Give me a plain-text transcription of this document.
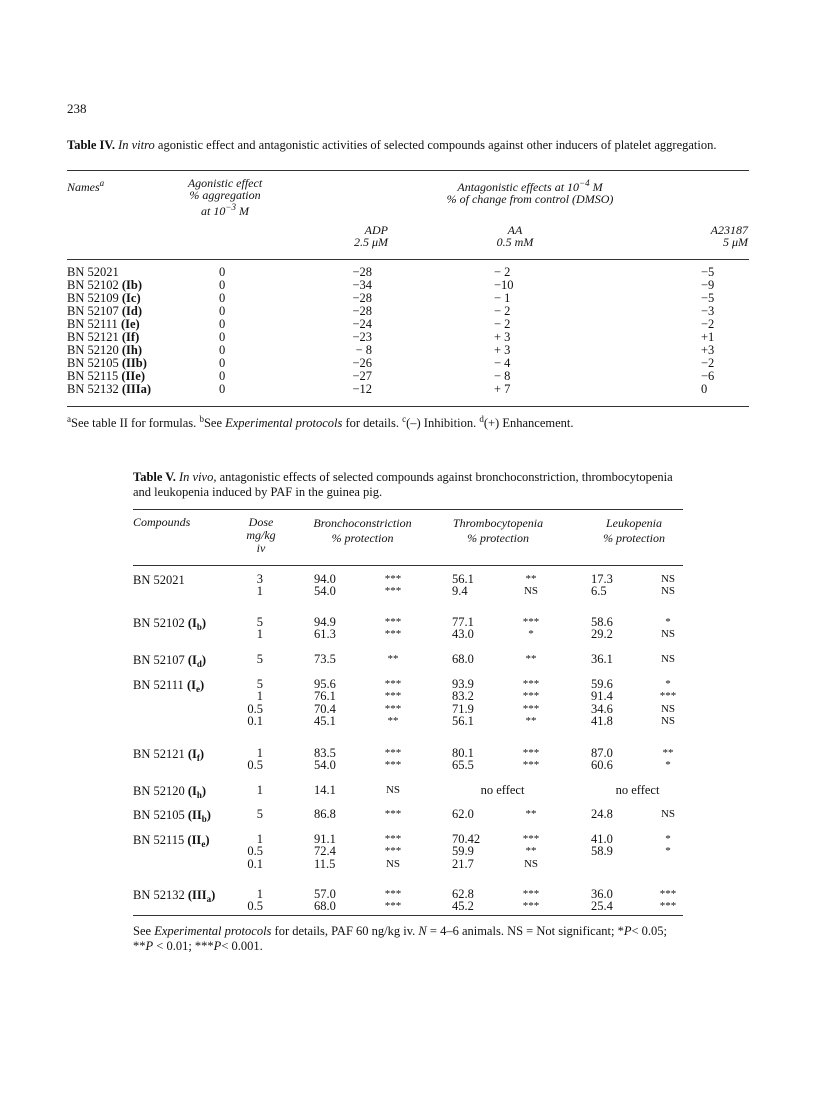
238
Table IV. In vitro agonistic effect and antagonistic activities of selected compounds against other inducers of platelet aggregation.
Names$^a$	Agonistic effect
% aggregation
at $10^{-3}$ M
Antagonistic effects at $10^{-4}$ M
% of change from control (DMSO)
ADP
2.5 μM
AA
0.5 mM
A23187
5 μM
BN 52021	0	−28	− 2	−5
BN 52102 (Ib)	0	−34	−10	−9
BN 52109 (Ic)	0	−28	− 1	−5
BN 52107 (Id)	0	−28	− 2	−3
BN 52111 (Ie)	0	−24	− 2	−2
BN 52121 (If)	0	−23	+ 3	+1
BN 52120 (Ih)	0	− 8	+ 3	+3
BN 52105 (IIb)	0	−26	− 4	−2
BN 52115 (IIe)	0	−27	− 8	−6
BN 52132 (IIIa)	0	−12	+ 7	0
$^a$See table II for formulas. $^b$See Experimental protocols for details. $^c$(–) Inhibition. $^d$(+) Enhancement.
Table V. In vivo, antagonistic effects of selected compounds against bronchoconstriction, thrombocytopenia and leukopenia induced by PAF in the guinea pig.
Compounds	Dose
mg/kg
iv
Bronchoconstriction
% protection
Thrombocytopenia
% protection
Leukopenia
% protection
BN 52021	3	94.0	***	56.1	**	17.3	NS
1	54.0	***	9.4	NS	6.5	NS
BN 52102 $(I_b)$	5	94.9	***	77.1	***	58.6	*
1	61.3	***	43.0	*	29.2	NS
BN 52107 $(I_d)$	5	73.5	**	68.0	**	36.1	NS
BN 52111 $(I_e)$	5	95.6	***	93.9	***	59.6	*
1	76.1	***	83.2	***	91.4	***
0.5	70.4	***	71.9	***	34.6	NS
0.1	45.1	**	56.1	**	41.8	NS
BN 52121 $(I_f)$	1	83.5	***	80.1	***	87.0	**
0.5	54.0	***	65.5	***	60.6	*
BN 52120 $(I_h)$	1	14.1	NS	no effect	no effect
BN 52105 $(II_b)$	5	86.8	***	62.0	**	24.8	NS
BN 52115 $(II_e)$	1	91.1	***	70.42	***	41.0	*
0.5	72.4	***	59.9	**	58.9	*
0.1	11.5	NS	21.7	NS
BN 52132 $(III_a)$	1	57.0	***	62.8	***	36.0	***
0.5	68.0	***	45.2	***	25.4	***
See Experimental protocols for details, PAF 60 ng/kg iv. N = 4–6 animals. NS = Not significant; *P< 0.05;
**P < 0.01; ***P< 0.001.
